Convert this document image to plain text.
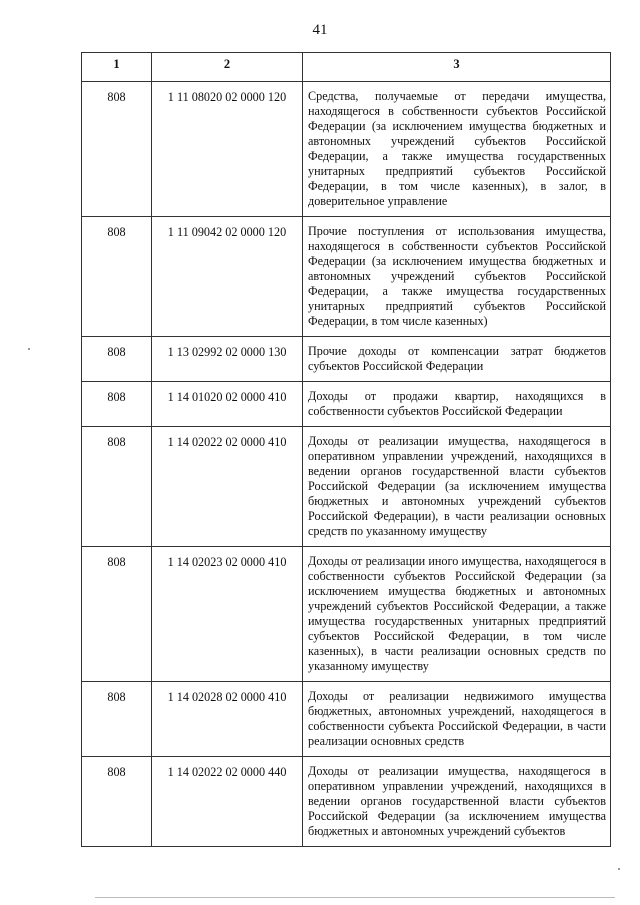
41
1	2	3
808	1 11 08020 02 0000 120	Средства, получаемые от передачи имущества, находящегося в собственности субъектов Российской Федерации (за исключением имущества бюджетных и автономных учреждений субъектов Российской Федерации, а также имущества государственных унитарных предприятий субъектов Российской Федерации, в том числе казенных), в залог, в доверительное управление
808	1 11 09042 02 0000 120	Прочие поступления от использования имущества, находящегося в собственности субъектов Российской Федерации (за исключением имущества бюджетных и автономных учреждений субъектов Российской Федерации, а также имущества государственных унитарных предприятий субъектов Российской Федерации, в том числе казенных)
808	1 13 02992 02 0000 130	Прочие доходы от компенсации затрат бюджетов субъектов Российской Федерации
808	1 14 01020 02 0000 410	Доходы от продажи квартир, находящихся в собственности субъектов Российской Федерации
808	1 14 02022 02 0000 410	Доходы от реализации имущества, находящегося в оперативном управлении учреждений, находящихся в ведении органов государственной власти субъектов Российской Федерации (за исключением имущества бюджетных и автономных учреждений субъектов Российской Федерации), в части реализации основных средств по указанному имуществу
808	1 14 02023 02 0000 410	Доходы от реализации иного имущества, находящегося в собственности субъектов Российской Федерации (за исключением имущества бюджетных и автономных учреждений субъектов Российской Федерации, а также имущества государственных унитарных предприятий субъектов Российской Федерации, в том числе казенных), в части реализации основных средств по указанному имуществу
808	1 14 02028 02 0000 410	Доходы от реализации недвижимого имущества бюджетных, автономных учреждений, находящегося в собственности субъекта Российской Федерации, в части реализации основных средств
808	1 14 02022 02 0000 440	Доходы от реализации имущества, находящегося в оперативном управлении учреждений, находящихся в ведении органов государственной власти субъектов Российской Федерации (за исключением имущества бюджетных и автономных учреждений субъектов
